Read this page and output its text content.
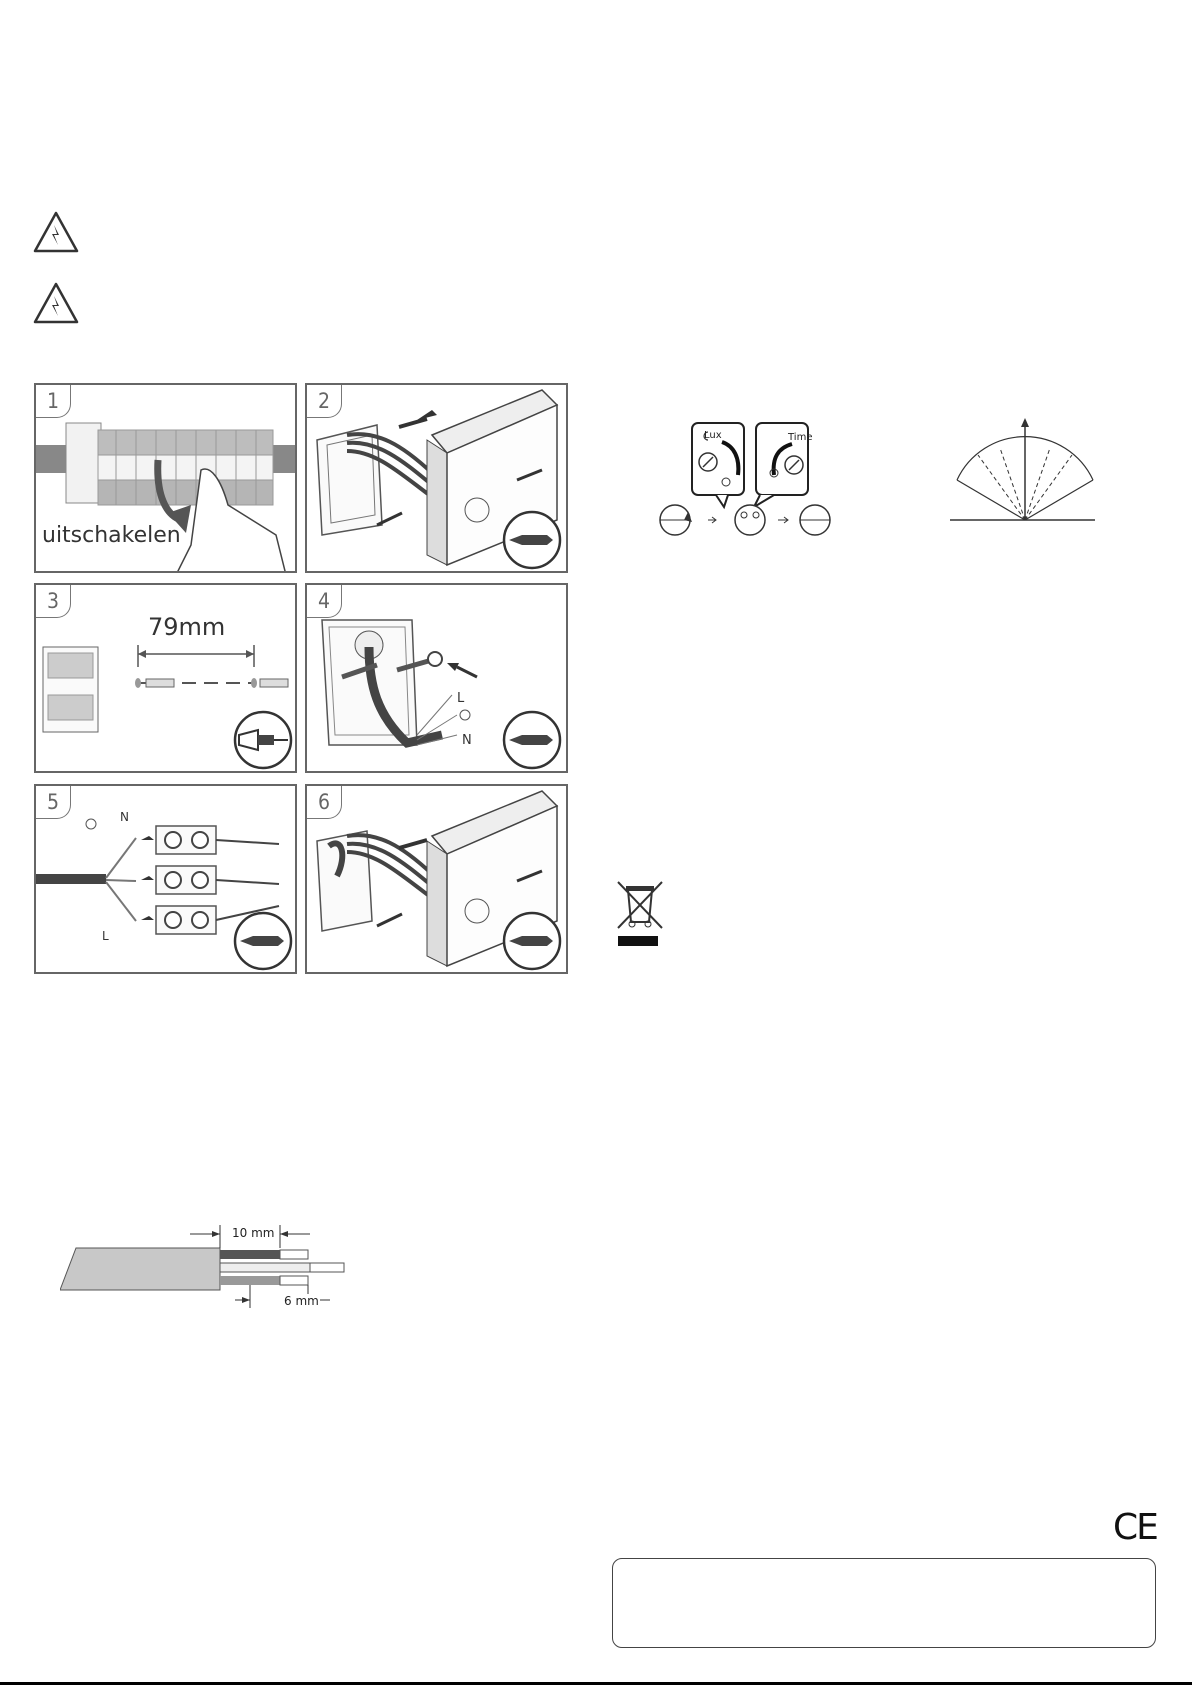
1
uitschakelen
2
3
79mm
4
L
N
5
N
L
6
Lux	Time
10 mm
6 mm
CE
